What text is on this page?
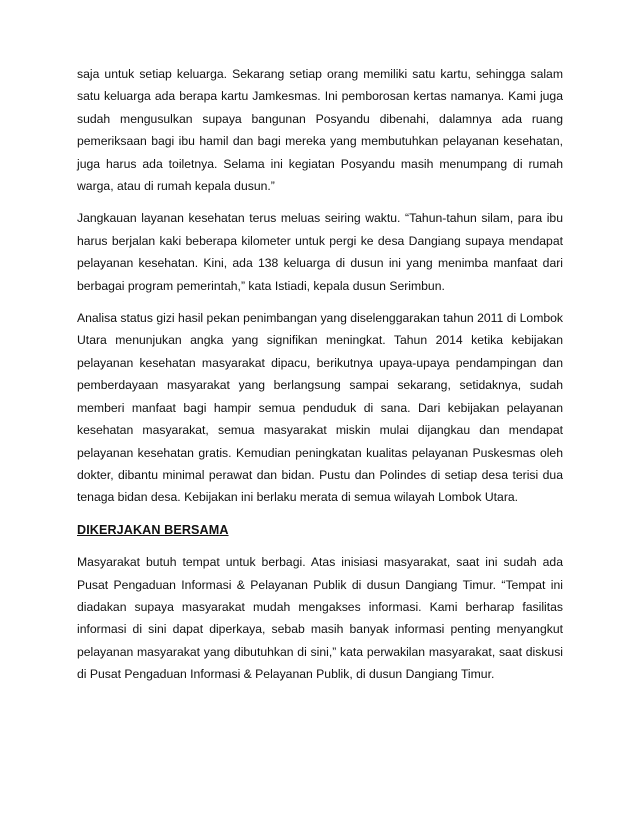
saja untuk setiap keluarga. Sekarang setiap orang memiliki satu kartu, sehingga salam satu keluarga ada berapa kartu Jamkesmas. Ini pemborosan kertas namanya. Kami juga sudah mengusulkan supaya bangunan Posyandu dibenahi, dalamnya ada ruang pemeriksaan bagi ibu hamil dan bagi mereka yang membutuhkan pelayanan kesehatan, juga harus ada toiletnya. Selama ini kegiatan Posyandu masih menumpang di rumah warga, atau di rumah kepala dusun.”

Jangkauan layanan kesehatan terus meluas seiring waktu. “Tahun-tahun silam, para ibu harus berjalan kaki beberapa kilometer untuk pergi ke desa Dangiang supaya mendapat pelayanan kesehatan. Kini, ada 138 keluarga di dusun ini yang menimba manfaat dari berbagai program pemerintah,” kata Istiadi, kepala dusun Serimbun.

Analisa status gizi hasil pekan penimbangan yang diselenggarakan tahun 2011 di Lombok Utara menunjukan angka yang signifikan meningkat. Tahun 2014 ketika kebijakan pelayanan kesehatan masyarakat dipacu, berikutnya upaya-upaya pendampingan dan pemberdayaan masyarakat yang berlangsung sampai sekarang, setidaknya, sudah memberi manfaat bagi hampir semua penduduk di sana. Dari kebijakan pelayanan kesehatan masyarakat, semua masyarakat miskin mulai dijangkau dan mendapat pelayanan kesehatan gratis. Kemudian peningkatan kualitas pelayanan Puskesmas oleh dokter, dibantu minimal perawat dan bidan. Pustu dan Polindes di setiap desa terisi dua tenaga bidan desa. Kebijakan ini berlaku merata di semua wilayah Lombok Utara.

DIKERJAKAN BERSAMA

Masyarakat butuh tempat untuk berbagi. Atas inisiasi masyarakat, saat ini sudah ada Pusat Pengaduan Informasi & Pelayanan Publik di dusun Dangiang Timur. “Tempat ini diadakan supaya masyarakat mudah mengakses informasi. Kami berharap fasilitas informasi di sini dapat diperkaya, sebab masih banyak informasi penting menyangkut pelayanan masyarakat yang dibutuhkan di sini,” kata perwakilan masyarakat, saat diskusi di Pusat Pengaduan Informasi & Pelayanan Publik, di dusun Dangiang Timur.
